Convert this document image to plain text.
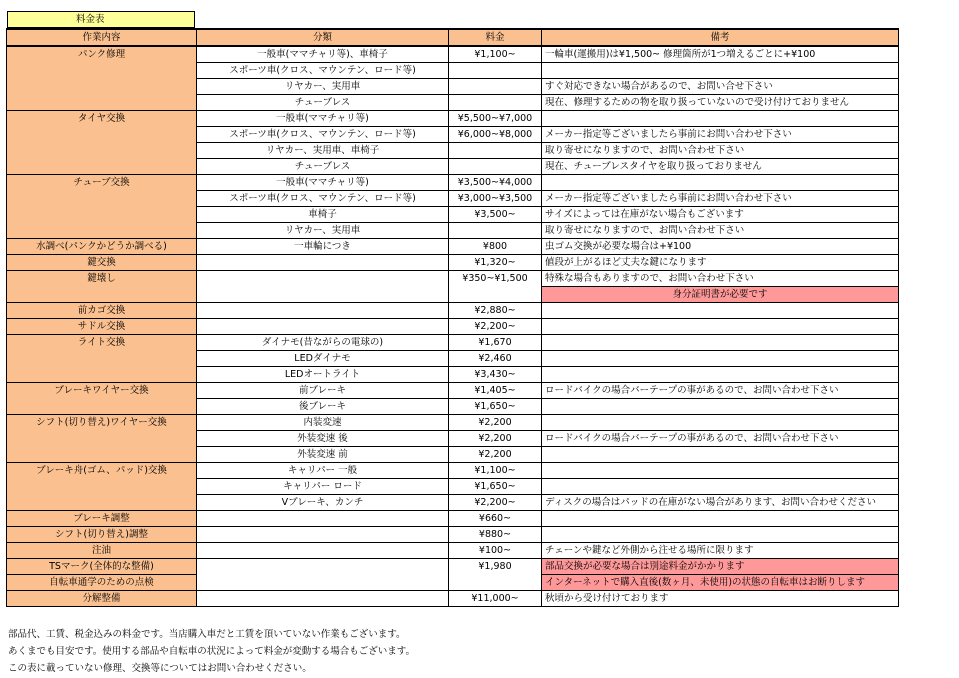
料金表
作業内容	分類	料金	備考
パンク修理	一般車(ママチャリ等)、車椅子	¥1,100~	一輪車(運搬用)は¥1,500~ 修理箇所が1つ増えるごとに+¥100
	スポーツ車(クロス、マウンテン、ロード等)		
	リヤカー、実用車		すぐ対応できない場合があるので、お問い合せ下さい
	チューブレス		現在、修理するための物を取り扱っていないので受け付けておりません
タイヤ交換	一般車(ママチャリ等)	¥5,500~¥7,000	
	スポーツ車(クロス、マウンテン、ロード等)	¥6,000~¥8,000	メーカー指定等ございましたら事前にお問い合わせ下さい
	リヤカー、実用車、車椅子		取り寄せになりますので、お問い合わせ下さい
	チューブレス		現在、チューブレスタイヤを取り扱っておりません
チューブ交換	一般車(ママチャリ等)	¥3,500~¥4,000	
	スポーツ車(クロス、マウンテン、ロード等)	¥3,000~¥3,500	メーカー指定等ございましたら事前にお問い合わせ下さい
	車椅子	¥3,500~	サイズによっては在庫がない場合もございます
	リヤカー、実用車		取り寄せになりますので、お問い合わせ下さい
水調べ(パンクかどうか調べる)	一車輪につき	¥800	虫ゴム交換が必要な場合は+¥100
鍵交換		¥1,320~	値段が上がるほど丈夫な鍵になります
鍵壊し		¥350~¥1,500	特殊な場合もありますので、お問い合わせ下さい
			身分証明書が必要です
前カゴ交換		¥2,880~	
サドル交換		¥2,200~	
ライト交換	ダイナモ(昔ながらの電球の)	¥1,670	
	LEDダイナモ	¥2,460	
	LEDオートライト	¥3,430~	
ブレーキワイヤー交換	前ブレーキ	¥1,405~	ロードバイクの場合バーテープの事があるので、お問い合わせ下さい
	後ブレーキ	¥1,650~	
シフト(切り替え)ワイヤー交換	内装変速	¥2,200	
	外装変速 後	¥2,200	ロードバイクの場合バーテープの事があるので、お問い合わせ下さい
	外装変速 前	¥2,200	
ブレーキ舟(ゴム、パッド)交換	キャリパー 一般	¥1,100~	
	キャリパー ロード	¥1,650~	
	Vブレーキ、カンチ	¥2,200~	ディスクの場合はパッドの在庫がない場合があります、お問い合わせください
ブレーキ調整		¥660~	
シフト(切り替え)調整		¥880~	
注油		¥100~	チェーンや鍵など外側から注せる場所に限ります
TSマーク(全体的な整備)		¥1,980	部品交換が必要な場合は別途料金がかかります
自転車通学のための点検			インターネットで購入直後(数ヶ月、未使用)の状態の自転車はお断りします
分解整備		¥11,000~	秋頃から受け付けております
部品代、工賃、税金込みの料金です。当店購入車だと工賃を頂いていない作業もございます。
あくまでも目安です。使用する部品や自転車の状況によって料金が変動する場合もございます。
この表に載っていない修理、交換等についてはお問い合わせください。
